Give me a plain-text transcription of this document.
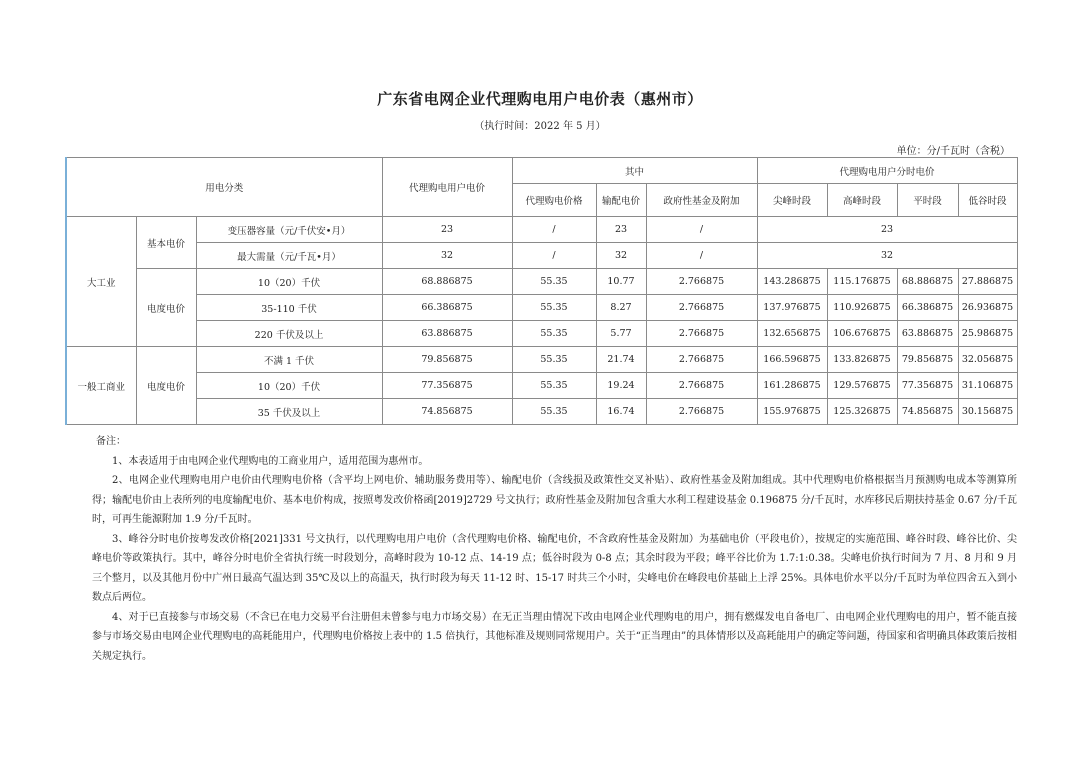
广东省电网企业代理购电用户电价表（惠州市）
（执行时间：2022 年 5 月）
单位：分/千瓦时（含税）
用电分类			代理购电用户电价	其中			代理购电用户分时电价			
				代理购电价格	输配电价	政府性基金及附加	尖峰时段	高峰时段	平时段	低谷时段
大工业	基本电价	变压器容量（元/千伏安•月）	23	/	23	/	23			
		最大需量（元/千瓦•月）	32	/	32	/	32			
	电度电价	10（20）千伏	68.886875	55.35	10.77	2.766875	143.286875	115.176875	68.886875	27.886875
		35-110 千伏	66.386875	55.35	8.27	2.766875	137.976875	110.926875	66.386875	26.936875
		220 千伏及以上	63.886875	55.35	5.77	2.766875	132.656875	106.676875	63.886875	25.986875
一般工商业	电度电价	不满 1 千伏	79.856875	55.35	21.74	2.766875	166.596875	133.826875	79.856875	32.056875
		10（20）千伏	77.356875	55.35	19.24	2.766875	161.286875	129.576875	77.356875	31.106875
		35 千伏及以上	74.856875	55.35	16.74	2.766875	155.976875	125.326875	74.856875	30.156875

备注：

1、本表适用于由电网企业代理购电的工商业用户，适用范围为惠州市。

2、电网企业代理购电用户电价由代理购电价格（含平均上网电价、辅助服务费用等）、输配电价（含线损及政策性交叉补贴）、政府性基金及附加组成。其中代理购电价格根据当月预测购电成本等测算所得；输配电价由上表所列的电度输配电价、基本电价构成，按照粤发改价格函[2019]2729 号文执行；政府性基金及附加包含重大水利工程建设基金 0.196875 分/千瓦时，水库移民后期扶持基金 0.67 分/千瓦时，可再生能源附加 1.9 分/千瓦时。

3、峰谷分时电价按粤发改价格[2021]331 号文执行，以代理购电用户电价（含代理购电价格、输配电价，不含政府性基金及附加）为基础电价（平段电价），按规定的实施范围、峰谷时段、峰谷比价、尖峰电价等政策执行。其中，峰谷分时电价全省执行统一时段划分，高峰时段为 10-12 点、14-19 点；低谷时段为 0-8 点；其余时段为平段；峰平谷比价为 1.7:1:0.38。尖峰电价执行时间为 7 月、8 月和 9 月三个整月，以及其他月份中广州日最高气温达到 35℃及以上的高温天，执行时段为每天 11-12 时、15-17 时共三个小时，尖峰电价在峰段电价基础上上浮 25%。具体电价水平以分/千瓦时为单位四舍五入到小数点后两位。

4、对于已直接参与市场交易（不含已在电力交易平台注册但未曾参与电力市场交易）在无正当理由情况下改由电网企业代理购电的用户，拥有燃煤发电自备电厂、由电网企业代理购电的用户，暂不能直接参与市场交易由电网企业代理购电的高耗能用户，代理购电价格按上表中的 1.5 倍执行，其他标准及规则同常规用户。关于“正当理由”的具体情形以及高耗能用户的确定等问题，待国家和省明确具体政策后按相关规定执行。
